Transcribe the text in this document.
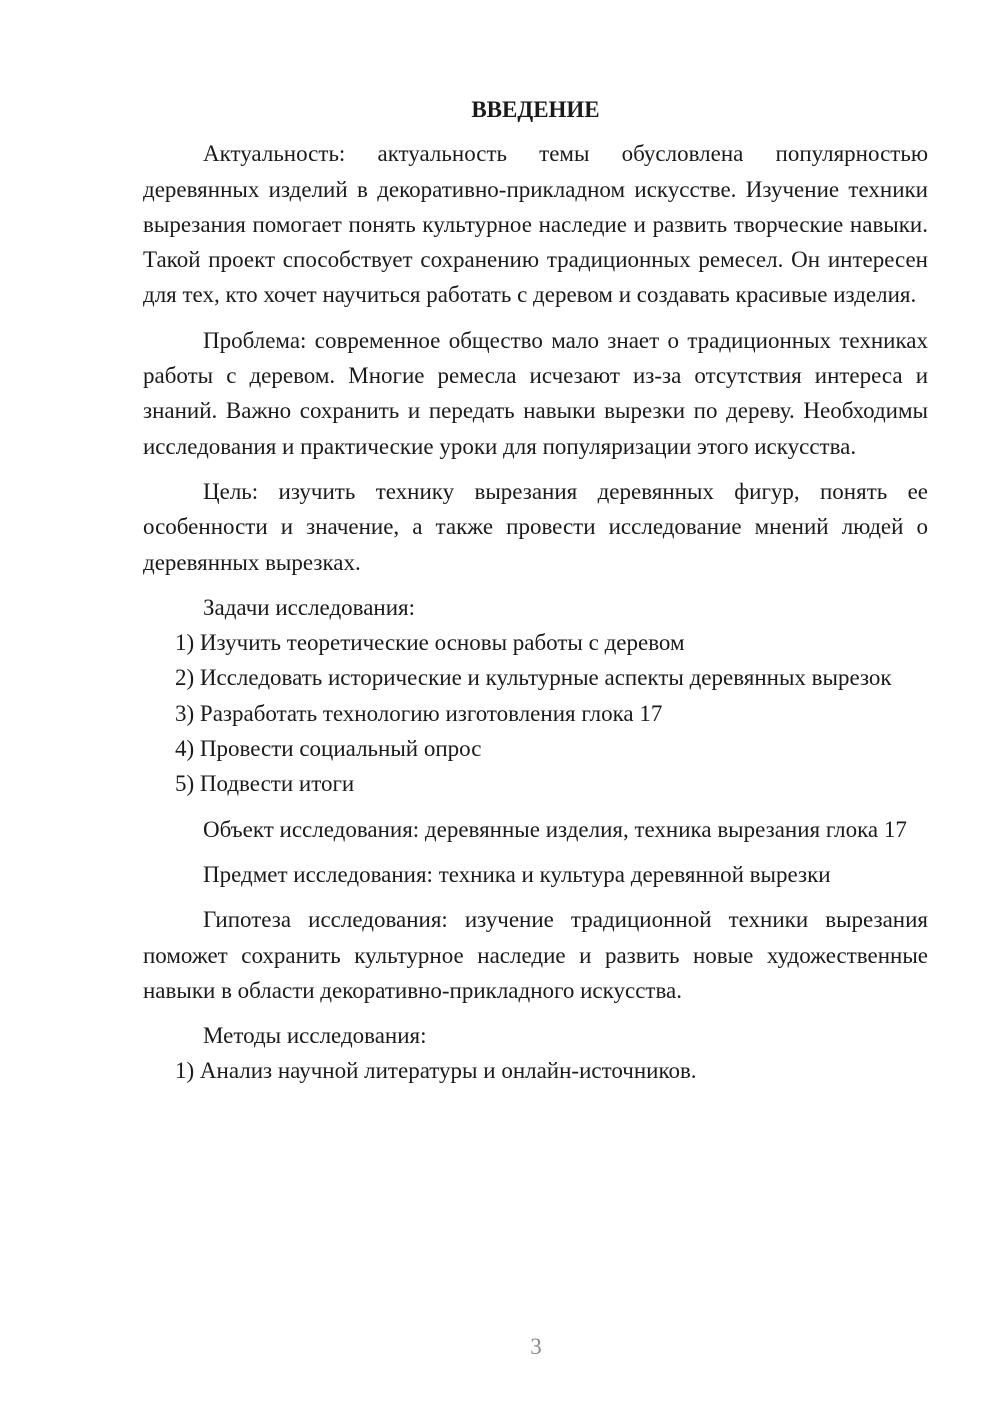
ВВЕДЕНИЕ

Актуальность: актуальность темы обусловлена популярностью деревянных изделий в декоративно-прикладном искусстве. Изучение техники вырезания помогает понять культурное наследие и развить творческие навыки. Такой проект способствует сохранению традиционных ремесел. Он интересен для тех, кто хочет научиться работать с деревом и создавать красивые изделия.

Проблема: современное общество мало знает о традиционных техниках работы с деревом. Многие ремесла исчезают из-за отсутствия интереса и знаний. Важно сохранить и передать навыки вырезки по дереву. Необходимы исследования и практические уроки для популяризации этого искусства.

Цель: изучить технику вырезания деревянных фигур, понять ее особенности и значение, а также провести исследование мнений людей о деревянных вырезках.

Задачи исследования:

1) Изучить теоретические основы работы с деревом

2) Исследовать исторические и культурные аспекты деревянных вырезок

3) Разработать технологию изготовления глока 17

4) Провести социальный опрос

5) Подвести итоги

Объект исследования: деревянные изделия, техника вырезания глока 17

Предмет исследования: техника и культура деревянной вырезки

Гипотеза исследования: изучение традиционной техники вырезания поможет сохранить культурное наследие и развить новые художественные навыки в области декоративно-прикладного искусства.

Методы исследования:

1) Анализ научной литературы и онлайн-источников.

3
